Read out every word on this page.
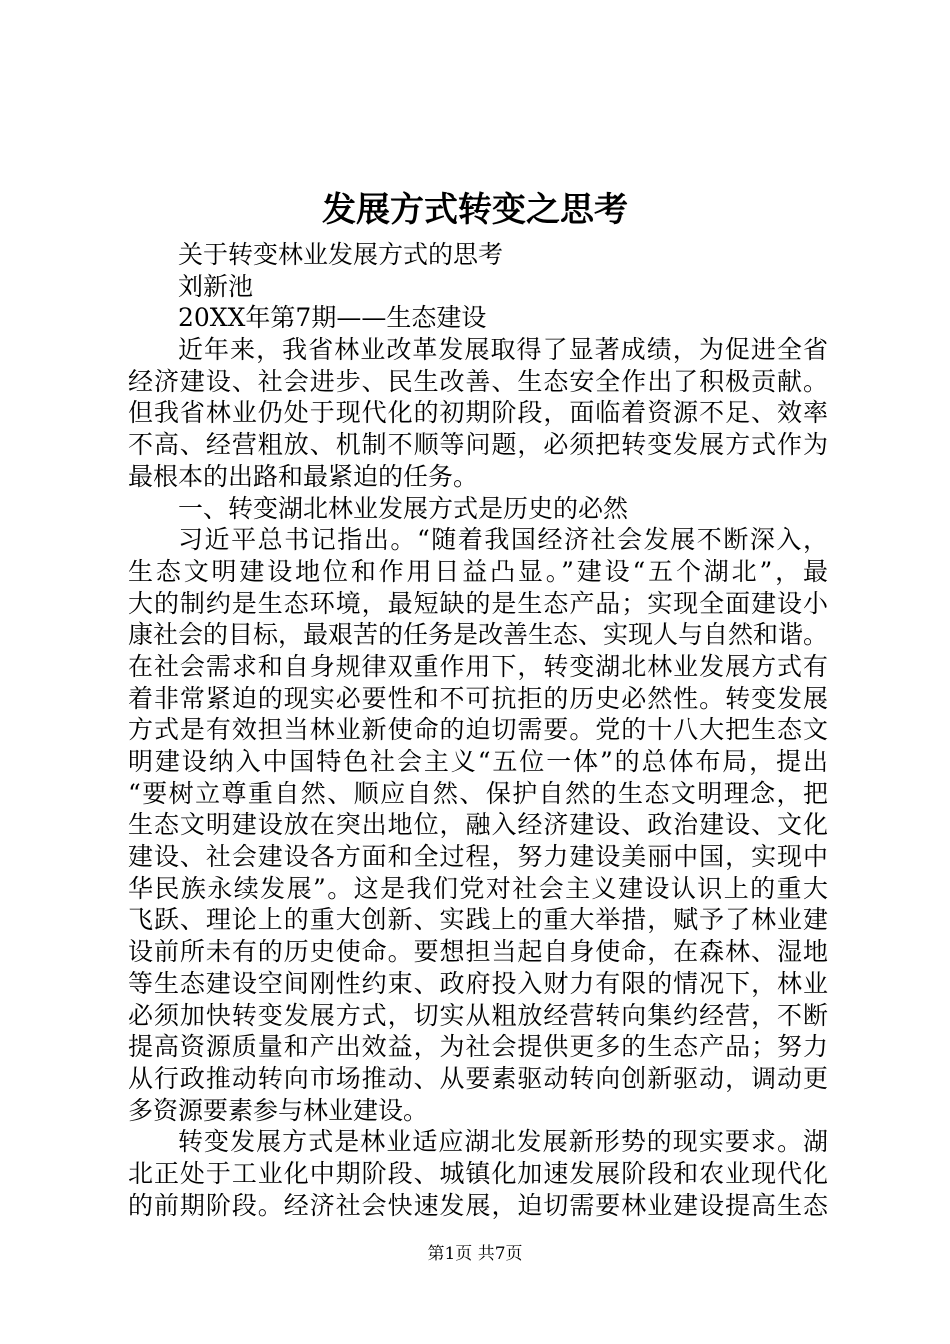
发展方式转变之思考
关于转变林业发展方式的思考
刘新池
20XX年第7期——生态建设
近年来，我省林业改革发展取得了显著成绩，为促进全省
经济建设、社会进步、民生改善、生态安全作出了积极贡献。
但我省林业仍处于现代化的初期阶段，面临着资源不足、效率
不高、经营粗放、机制不顺等问题，必须把转变发展方式作为
最根本的出路和最紧迫的任务。
一、转变湖北林业发展方式是历史的必然
习近平总书记指出。“随着我国经济社会发展不断深入，
生态文明建设地位和作用日益凸显。”建设“五个湖北”，最
大的制约是生态环境，最短缺的是生态产品；实现全面建设小
康社会的目标，最艰苦的任务是改善生态、实现人与自然和谐。
在社会需求和自身规律双重作用下，转变湖北林业发展方式有
着非常紧迫的现实必要性和不可抗拒的历史必然性。转变发展
方式是有效担当林业新使命的迫切需要。党的十八大把生态文
明建设纳入中国特色社会主义“五位一体”的总体布局，提出
“要树立尊重自然、顺应自然、保护自然的生态文明理念，把
生态文明建设放在突出地位，融入经济建设、政治建设、文化
建设、社会建设各方面和全过程，努力建设美丽中国，实现中
华民族永续发展”。这是我们党对社会主义建设认识上的重大
飞跃、理论上的重大创新、实践上的重大举措，赋予了林业建
设前所未有的历史使命。要想担当起自身使命，在森林、湿地
等生态建设空间刚性约束、政府投入财力有限的情况下，林业
必须加快转变发展方式，切实从粗放经营转向集约经营，不断
提高资源质量和产出效益，为社会提供更多的生态产品；努力
从行政推动转向市场推动、从要素驱动转向创新驱动，调动更
多资源要素参与林业建设。
转变发展方式是林业适应湖北发展新形势的现实要求。湖
北正处于工业化中期阶段、城镇化加速发展阶段和农业现代化
的前期阶段。经济社会快速发展，迫切需要林业建设提高生态
第1页 共7页
